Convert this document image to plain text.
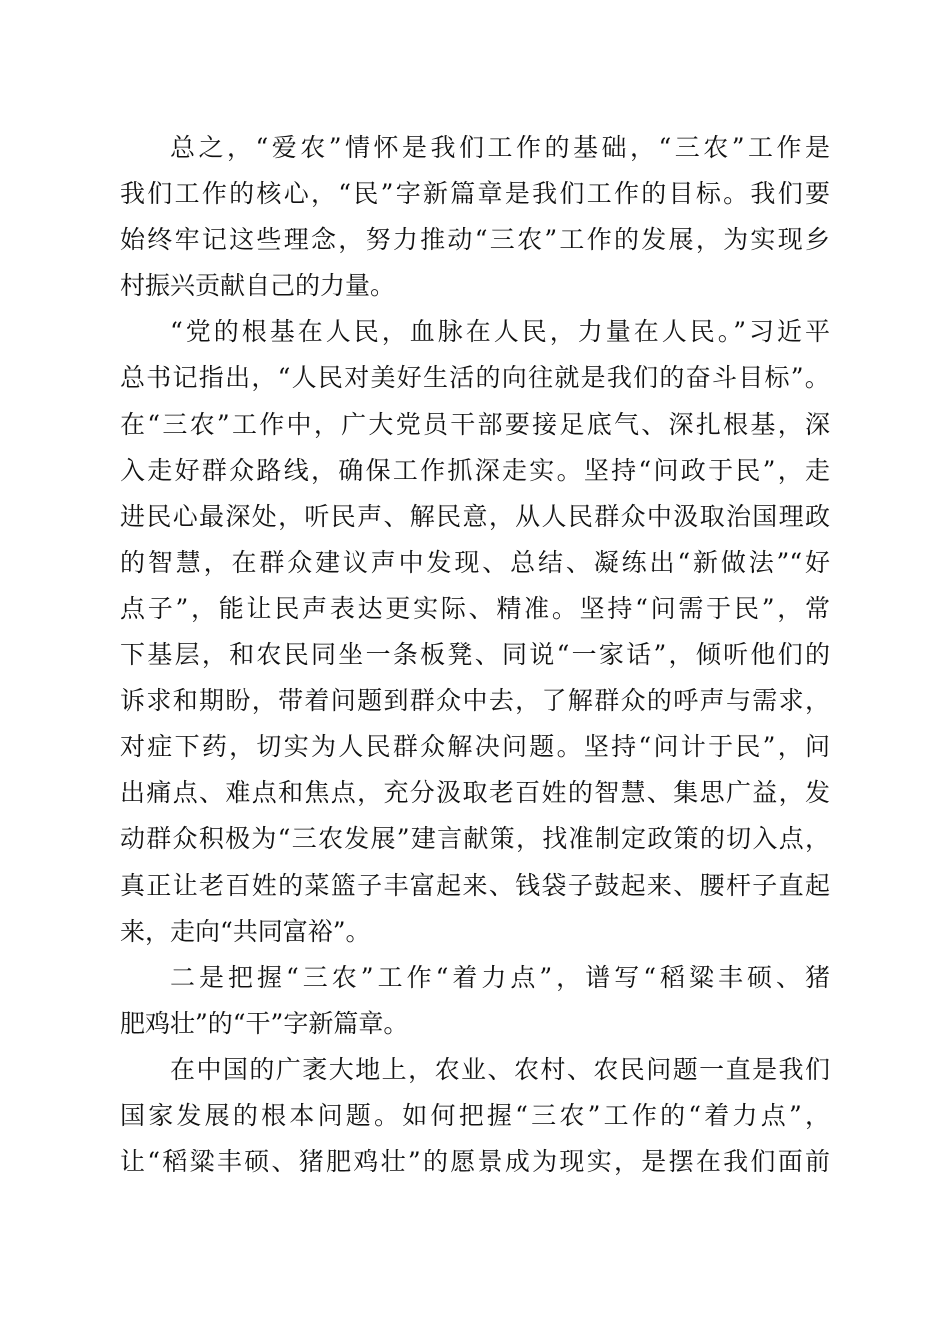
总之，“爱农”情怀是我们工作的基础，“三农”工作是
我们工作的核心，“民”字新篇章是我们工作的目标。我们要
始终牢记这些理念，努力推动“三农”工作的发展，为实现乡
村振兴贡献自己的力量。
“党的根基在人民，血脉在人民，力量在人民。”习近平
总书记指出，“人民对美好生活的向往就是我们的奋斗目标”。
在“三农”工作中，广大党员干部要接足底气、深扎根基，深
入走好群众路线，确保工作抓深走实。坚持“问政于民”，走
进民心最深处，听民声、解民意，从人民群众中汲取治国理政
的智慧，在群众建议声中发现、总结、凝练出“新做法”“好
点子”，能让民声表达更实际、精准。坚持“问需于民”，常
下基层，和农民同坐一条板凳、同说“一家话”，倾听他们的
诉求和期盼，带着问题到群众中去，了解群众的呼声与需求，
对症下药，切实为人民群众解决问题。坚持“问计于民”，问
出痛点、难点和焦点，充分汲取老百姓的智慧、集思广益，发
动群众积极为“三农发展”建言献策，找准制定政策的切入点，
真正让老百姓的菜篮子丰富起来、钱袋子鼓起来、腰杆子直起
来，走向“共同富裕”。
二是把握“三农”工作“着力点”，谱写“稻粱丰硕、猪
肥鸡壮”的“干”字新篇章。
在中国的广袤大地上，农业、农村、农民问题一直是我们
国家发展的根本问题。如何把握“三农”工作的“着力点”，
让“稻粱丰硕、猪肥鸡壮”的愿景成为现实，是摆在我们面前
